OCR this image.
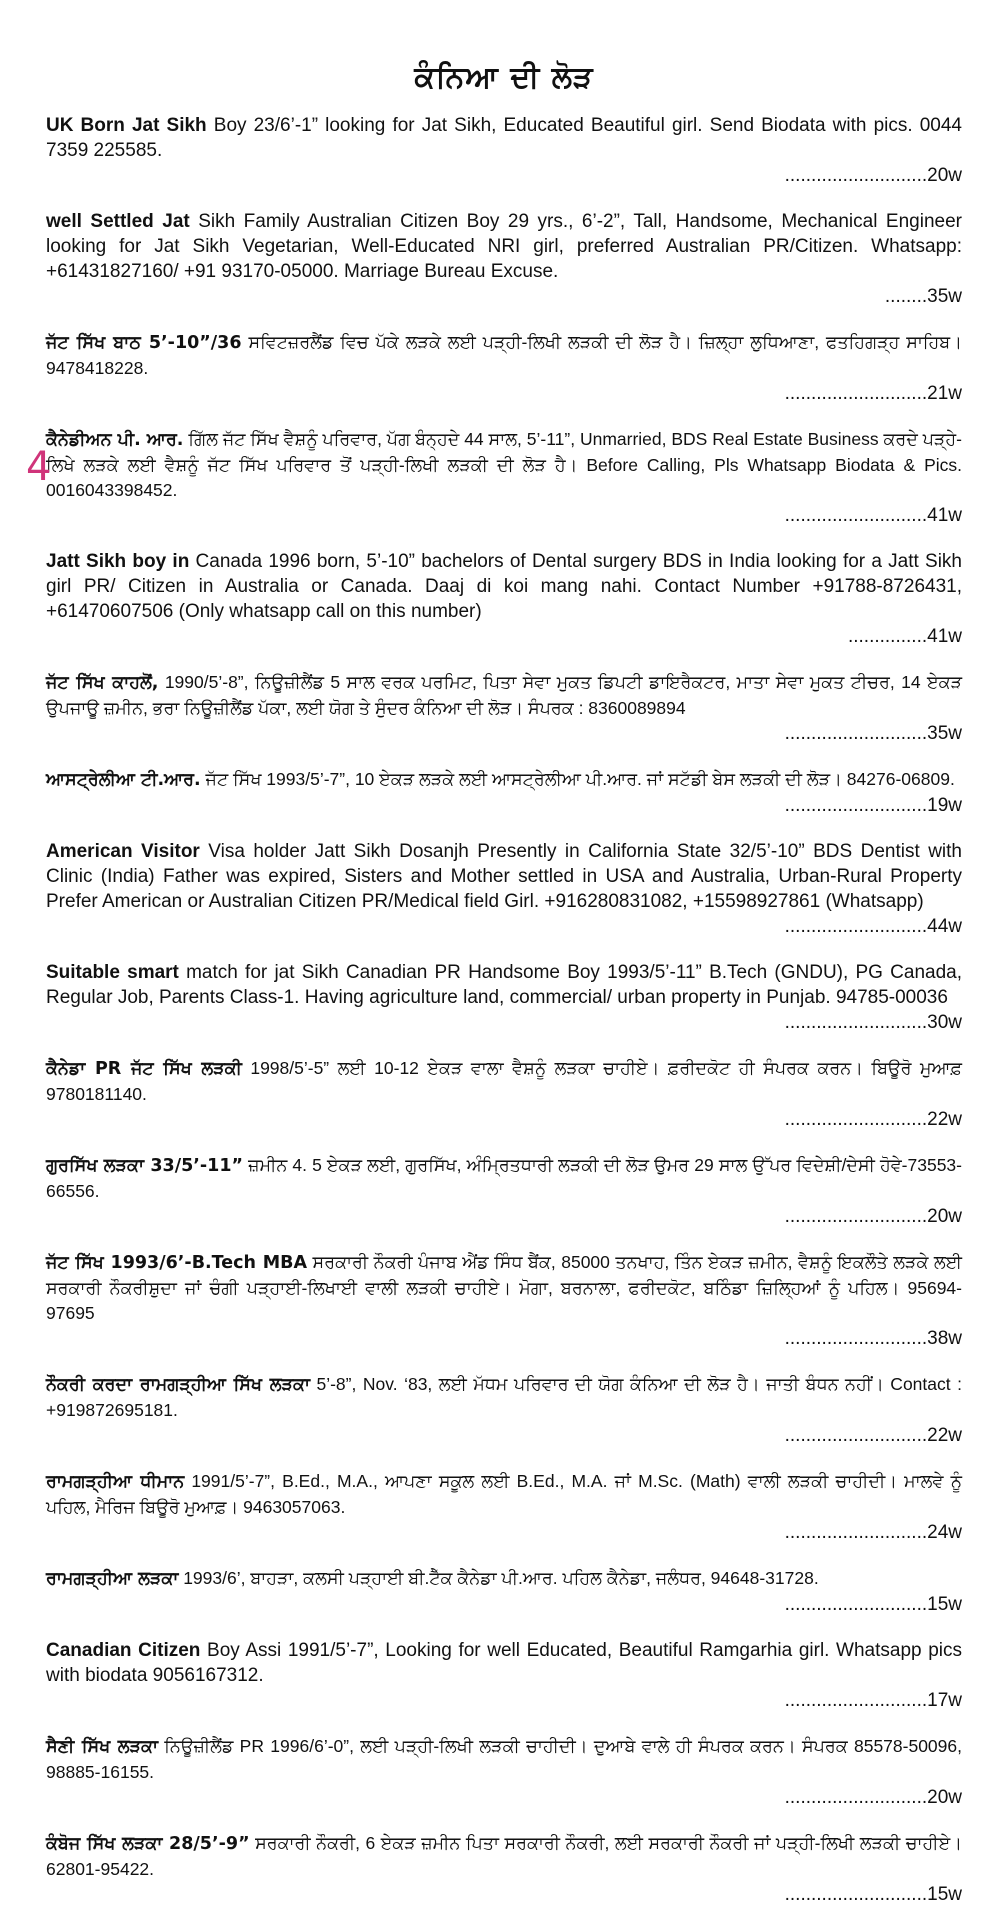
ਕੰਨਿਆ ਦੀ ਲੋੜ
UK Born Jat Sikh Boy 23/6’-1” looking for Jat Sikh, Educated Beautiful girl. Send Biodata with pics. 0044 7359 225585.
...........................20w
well Settled Jat Sikh Family Australian Citizen Boy 29 yrs., 6’-2”, Tall, Handsome, Mechanical Engineer looking for Jat Sikh Vegetarian, Well-Educated NRI girl, preferred Australian PR/Citizen. Whatsapp: +61431827160/ +91 93170-05000. Marriage Bureau Excuse.
........35w
ਜੱਟ ਸਿੱਖ ਬਾਠ 5’-10”/36 ਸਵਿਟਜ਼ਰਲੈਂਡ ਵਿਚ ਪੱਕੇ ਲੜਕੇ ਲਈ ਪੜ੍ਹੀ-ਲਿਖੀ ਲੜਕੀ ਦੀ ਲੋੜ ਹੈ। ਜ਼ਿਲ੍ਹਾ ਲੁਧਿਆਣਾ, ਫਤਹਿਗੜ੍ਹ ਸਾਹਿਬ। 9478418228.
...........................21w
4
ਕੈਨੇਡੀਅਨ ਪੀ. ਆਰ. ਗਿੱਲ ਜੱਟ ਸਿੱਖ ਵੈਸ਼ਨੂੰ ਪਰਿਵਾਰ, ਪੱਗ ਬੰਨ੍ਹਦੇ 44 ਸਾਲ, 5’-11”, Unmarried, BDS Real Estate Business ਕਰਦੇ ਪੜ੍ਹੇ-ਲਿਖੇ ਲੜਕੇ ਲਈ ਵੈਸ਼ਨੂੰ ਜੱਟ ਸਿੱਖ ਪਰਿਵਾਰ ਤੋਂ ਪੜ੍ਹੀ-ਲਿਖੀ ਲੜਕੀ ਦੀ ਲੋੜ ਹੈ। Before Calling, Pls Whatsapp Biodata & Pics. 0016043398452.
...........................41w
Jatt Sikh boy in Canada 1996 born, 5’-10” bachelors of Dental surgery BDS in India looking for a Jatt Sikh girl PR/ Citizen in Australia or Canada. Daaj di koi mang nahi. Contact Number +91788-8726431, +61470607506 (Only whatsapp call on this number)
...............41w
ਜੱਟ ਸਿੱਖ ਕਾਹਲੋਂ, 1990/5’-8”, ਨਿਊਜ਼ੀਲੈਂਡ 5 ਸਾਲ ਵਰਕ ਪਰਮਿਟ, ਪਿਤਾ ਸੇਵਾ ਮੁਕਤ ਡਿਪਟੀ ਡਾਇਰੈਕਟਰ, ਮਾਤਾ ਸੇਵਾ ਮੁਕਤ ਟੀਚਰ, 14 ਏਕੜ ਉਪਜਾਊ ਜ਼ਮੀਨ, ਭਰਾ ਨਿਊਜ਼ੀਲੈਂਡ ਪੱਕਾ, ਲਈ ਯੋਗ ਤੇ ਸੁੰਦਰ ਕੰਨਿਆ ਦੀ ਲੋੜ। ਸੰਪਰਕ : 8360089894
...........................35w
ਆਸਟ੍ਰੇਲੀਆ ਟੀ.ਆਰ. ਜੱਟ ਸਿੱਖ 1993/5’-7”, 10 ਏਕੜ ਲੜਕੇ ਲਈ ਆਸਟ੍ਰੇਲੀਆ ਪੀ.ਆਰ. ਜਾਂ ਸਟੱਡੀ ਬੇਸ ਲੜਕੀ ਦੀ ਲੋੜ। 84276-06809.
...........................19w
American Visitor Visa holder Jatt Sikh Dosanjh Presently in California State 32/5’-10” BDS Dentist with Clinic (India) Father was expired, Sisters and Mother settled in USA and Australia, Urban-Rural Property Prefer American or Australian Citizen PR/Medical field Girl. +916280831082, +15598927861 (Whatsapp)
...........................44w
Suitable smart match for jat Sikh Canadian PR Handsome Boy 1993/5’-11” B.Tech (GNDU), PG Canada, Regular Job, Parents Class-1. Having agriculture land, commercial/ urban property in Punjab. 94785-00036
...........................30w
ਕੈਨੇਡਾ PR ਜੱਟ ਸਿੱਖ ਲੜਕੀ 1998/5’-5” ਲਈ 10-12 ਏਕੜ ਵਾਲਾ ਵੈਸ਼ਨੂੰ ਲੜਕਾ ਚਾਹੀਏ। ਫ਼ਰੀਦਕੋਟ ਹੀ ਸੰਪਰਕ ਕਰਨ। ਬਿਊਰੋ ਮੁਆਫ਼ 9780181140.
...........................22w
ਗੁਰਸਿੱਖ ਲੜਕਾ 33/5’-11” ਜ਼ਮੀਨ 4. 5 ਏਕੜ ਲਈ, ਗੁਰਸਿੱਖ, ਅੰਮ੍ਰਿਤਧਾਰੀ ਲੜਕੀ ਦੀ ਲੋੜ ਉਮਰ 29 ਸਾਲ ਉੱਪਰ ਵਿਦੇਸ਼ੀ/ਦੇਸੀ ਹੋਵੇ-73553-66556.
...........................20w
ਜੱਟ ਸਿੱਖ 1993/6’-B.Tech MBA ਸਰਕਾਰੀ ਨੌਕਰੀ ਪੰਜਾਬ ਐਂਡ ਸਿੰਧ ਬੈਂਕ, 85000 ਤਨਖਾਹ, ਤਿੰਨ ਏਕੜ ਜ਼ਮੀਨ, ਵੈਸ਼ਨੂੰ ਇਕਲੌਤੇ ਲੜਕੇ ਲਈ ਸਰਕਾਰੀ ਨੌਕਰੀਸ਼ੁਦਾ ਜਾਂ ਚੰਗੀ ਪੜ੍ਹਾਈ-ਲਿਖਾਈ ਵਾਲੀ ਲੜਕੀ ਚਾਹੀਏ। ਮੋਗਾ, ਬਰਨਾਲਾ, ਫਰੀਦਕੋਟ, ਬਠਿੰਡਾ ਜ਼ਿਲ੍ਹਿਆਂ ਨੂੰ ਪਹਿਲ। 95694-97695
...........................38w
ਨੌਕਰੀ ਕਰਦਾ ਰਾਮਗੜ੍ਹੀਆ ਸਿੱਖ ਲੜਕਾ 5’-8”, Nov. ‘83, ਲਈ ਮੱਧਮ ਪਰਿਵਾਰ ਦੀ ਯੋਗ ਕੰਨਿਆ ਦੀ ਲੋੜ ਹੈ। ਜਾਤੀ ਬੰਧਨ ਨਹੀਂ। Contact : +919872695181.
...........................22w
ਰਾਮਗੜ੍ਹੀਆ ਧੀਮਾਨ 1991/5’-7”, B.Ed., M.A., ਆਪਣਾ ਸਕੂਲ ਲਈ B.Ed., M.A. ਜਾਂ M.Sc. (Math) ਵਾਲੀ ਲੜਕੀ ਚਾਹੀਦੀ। ਮਾਲਵੇ ਨੂੰ ਪਹਿਲ, ਮੈਰਿਜ ਬਿਊਰੋ ਮੁਆਫ਼। 9463057063.
...........................24w
ਰਾਮਗੜ੍ਹੀਆ ਲੜਕਾ 1993/6’, ਬਾਹੜਾ, ਕਲਸੀ ਪੜ੍ਹਾਈ ਬੀ.ਟੈੱਕ ਕੈਨੇਡਾ ਪੀ.ਆਰ. ਪਹਿਲ ਕੈਨੇਡਾ, ਜਲੰਧਰ, 94648-31728.
...........................15w
Canadian Citizen Boy Assi 1991/5’-7”, Looking for well Educated, Beautiful Ramgarhia girl. Whatsapp pics with biodata 9056167312.
...........................17w
ਸੈਣੀ ਸਿੱਖ ਲੜਕਾ ਨਿਊਜ਼ੀਲੈਂਡ PR 1996/6’-0”, ਲਈ ਪੜ੍ਹੀ-ਲਿਖੀ ਲੜਕੀ ਚਾਹੀਦੀ। ਦੁਆਬੇ ਵਾਲੇ ਹੀ ਸੰਪਰਕ ਕਰਨ। ਸੰਪਰਕ 85578-50096, 98885-16155.
...........................20w
ਕੰਬੋਜ ਸਿੱਖ ਲੜਕਾ 28/5’-9” ਸਰਕਾਰੀ ਨੌਕਰੀ, 6 ਏਕੜ ਜ਼ਮੀਨ ਪਿਤਾ ਸਰਕਾਰੀ ਨੌਕਰੀ, ਲਈ ਸਰਕਾਰੀ ਨੌਕਰੀ ਜਾਂ ਪੜ੍ਹੀ-ਲਿਖੀ ਲੜਕੀ ਚਾਹੀਏ। 62801-95422.
...........................15w
